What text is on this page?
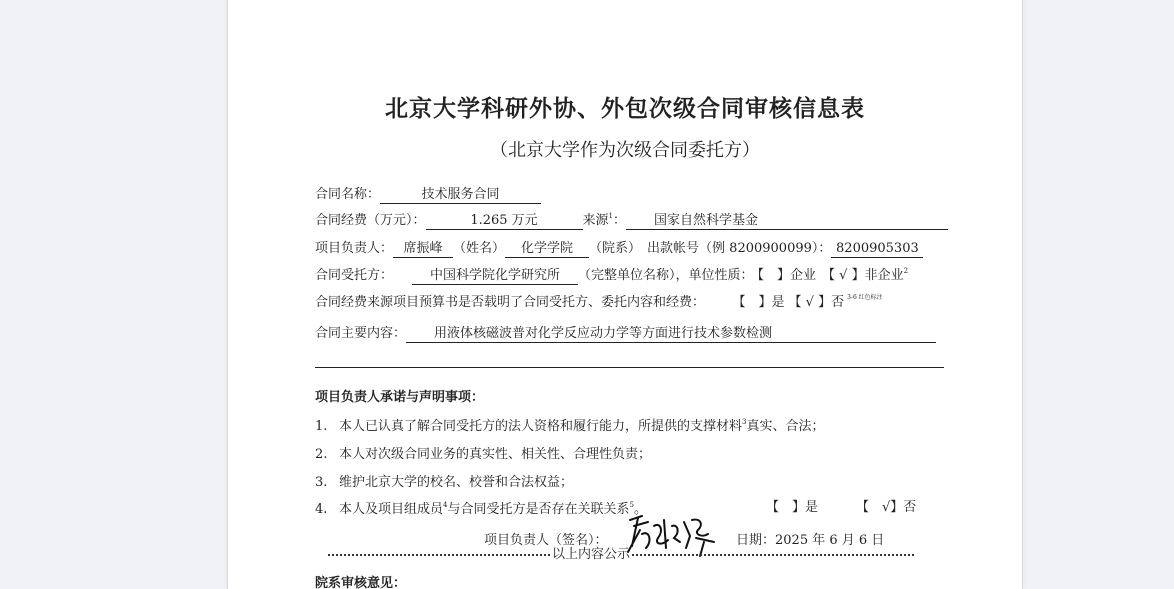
北京大学科研外协、外包次级合同审核信息表
（北京大学作为次级合同委托方）
合同名称：	技术服务合同
合同经费（万元）：	1.265 万元	来源$^1$： 国家自然科学基金
项目负责人： 席振峰 （姓名） 化学学院 （院系） 出款帐号（例 8200900099）： 8200905303
合同受托方：	中国科学院化学研究所 （完整单位名称），单位性质： 【　】企业 【 √ 】非企业$^2$
合同经费来源项目预算书是否载明了合同受托方、委托内容和经费：	【　】是 【 √ 】否 $^{3-6 红色标注}$
合同主要内容： 用液体核磁波普对化学反应动力学等方面进行技术参数检测
项目负责人承诺与声明事项：
1. 本人已认真了解合同受托方的法人资格和履行能力，所提供的支撑材料$^3$真实、合法；
2. 本人对次级合同业务的真实性、相关性、合理性负责；
3. 维护北京大学的校名、校誉和合法权益；
4. 本人及项目组成员$^4$与合同受托方是否存在关联关系$^5$。	【　】是	【　√】否
项目负责人（签名）：	日期：2025 年 6 月 6 日
以上内容公示
院系审核意见：
